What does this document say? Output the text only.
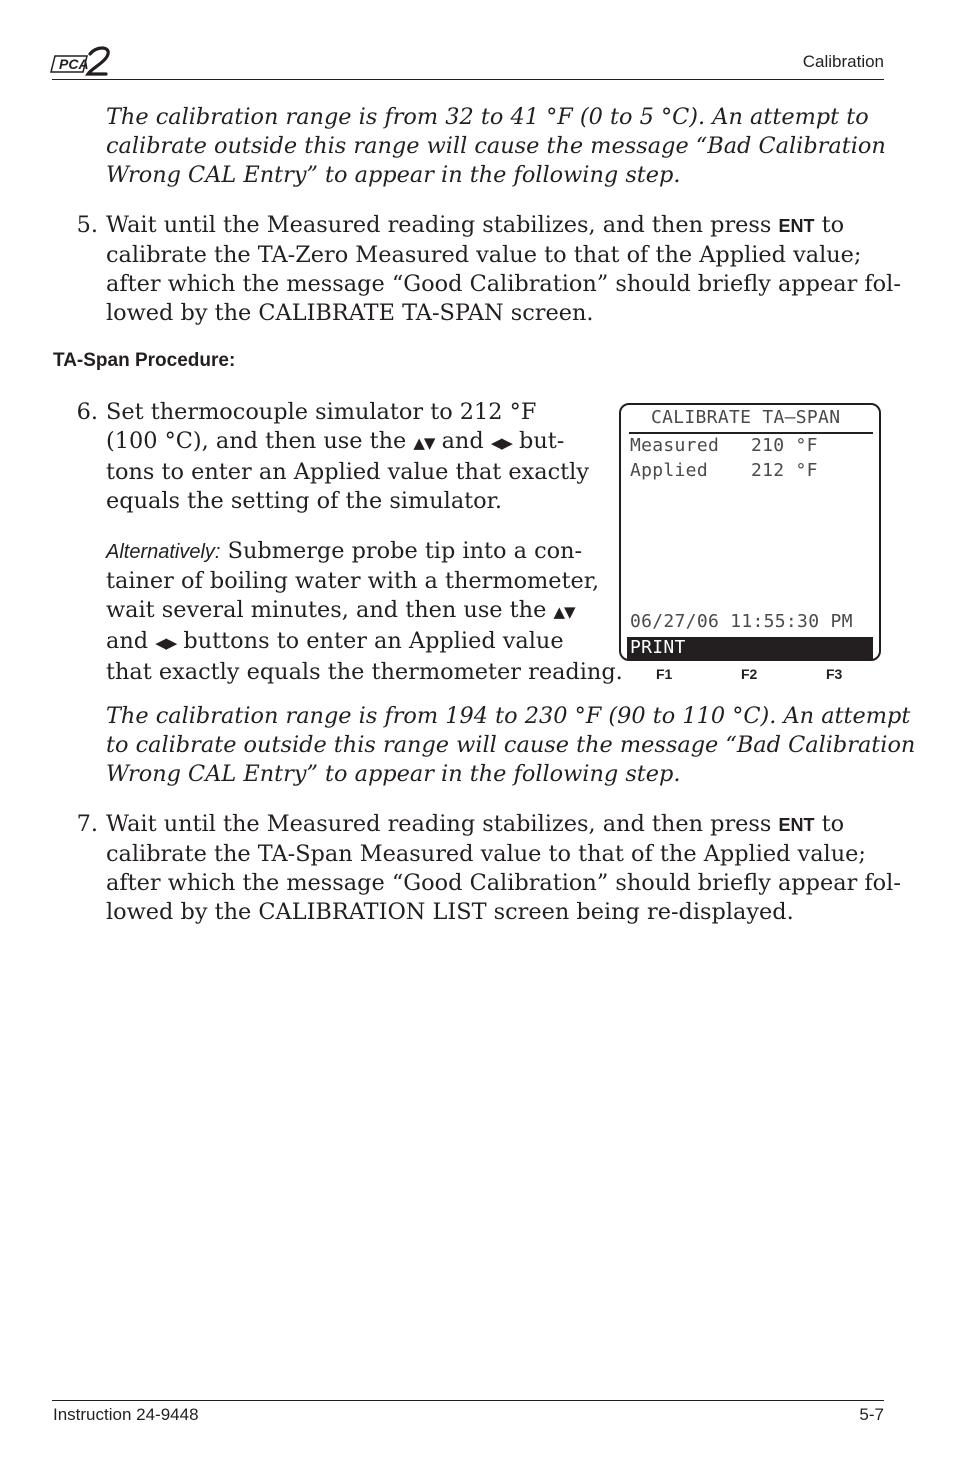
PCA	Calibration
The calibration range is from 32 to 41 °F (0 to 5 °C). An attempt to
calibrate outside this range will cause the message “Bad Calibration
Wrong CAL Entry” to appear in the following step.
5. Wait until the Measured reading stabilizes, and then press ENT to
calibrate the TA-Zero Measured value to that of the Applied value;
after which the message “Good Calibration” should briefly appear fol-
lowed by the CALIBRATE TA-SPAN screen.
TA-Span Procedure:
6. Set thermocouple simulator to 212 °F
(100 °C), and then use the ▲▼ and ◀▶ but-
tons to enter an Applied value that exactly
equals the setting of the simulator.
Alternatively: Submerge probe tip into a con-
tainer of boiling water with a thermometer,
wait several minutes, and then use the ▲▼
and ◀▶ buttons to enter an Applied value
that exactly equals the thermometer reading.
CALIBRATE TA–SPAN
Measured 210 °F
Applied 212 °F
06/27/06 11:55:30 PM
PRINT
F1	F2	F3
The calibration range is from 194 to 230 °F (90 to 110 °C). An attempt
to calibrate outside this range will cause the message “Bad Calibration
Wrong CAL Entry” to appear in the following step.
7. Wait until the Measured reading stabilizes, and then press ENT to
calibrate the TA-Span Measured value to that of the Applied value;
after which the message “Good Calibration” should briefly appear fol-
lowed by the CALIBRATION LIST screen being re-displayed.
Instruction 24-9448	5-7
